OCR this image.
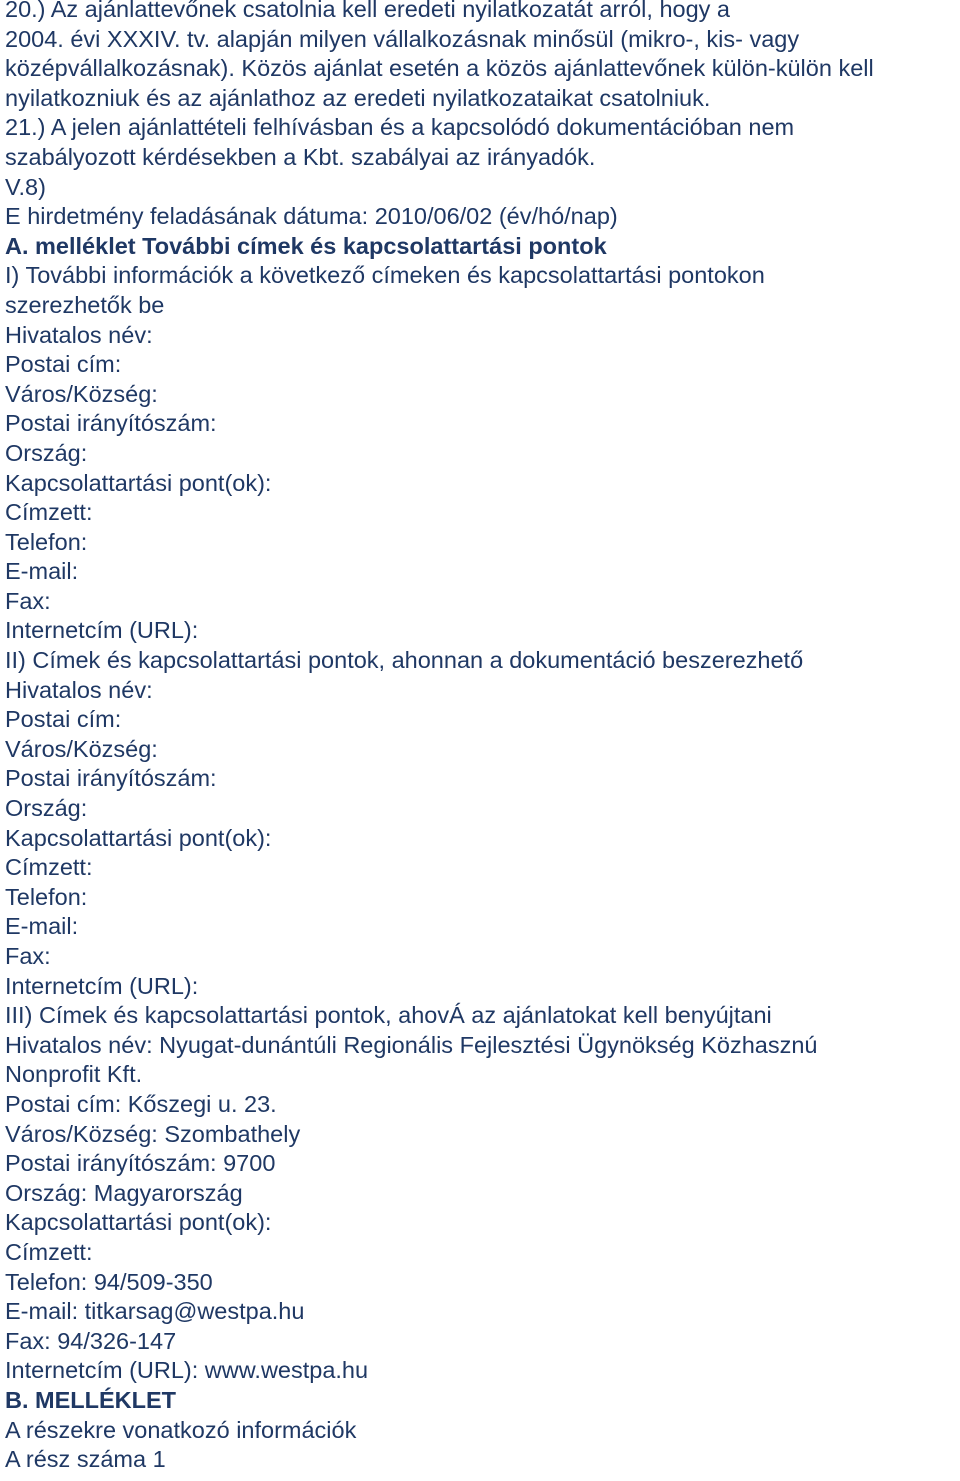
20.) Az ajánlattevőnek csatolnia kell eredeti nyilatkozatát arról, hogy a
2004. évi XXXIV. tv. alapján milyen vállalkozásnak minősül (mikro-, kis- vagy
középvállalkozásnak). Közös ajánlat esetén a közös ajánlattevőnek külön-külön kell
nyilatkozniuk és az ajánlathoz az eredeti nyilatkozataikat csatolniuk.
21.) A jelen ajánlattételi felhívásban és a kapcsolódó dokumentációban nem
szabályozott kérdésekben a Kbt. szabályai az irányadók.
V.8)
E hirdetmény feladásának dátuma: 2010/06/02 (év/hó/nap)
A. melléklet További címek és kapcsolattartási pontok
I) További információk a következő címeken és kapcsolattartási pontokon
szerezhetők be
Hivatalos név:
Postai cím:
Város/Község:
Postai irányítószám:
Ország:
Kapcsolattartási pont(ok):
Címzett:
Telefon:
E-mail:
Fax:
Internetcím (URL):
II) Címek és kapcsolattartási pontok, ahonnan a dokumentáció beszerezhető
Hivatalos név:
Postai cím:
Város/Község:
Postai irányítószám:
Ország:
Kapcsolattartási pont(ok):
Címzett:
Telefon:
E-mail:
Fax:
Internetcím (URL):
III) Címek és kapcsolattartási pontok, ahovÁ az ajánlatokat kell benyújtani
Hivatalos név: Nyugat-dunántúli Regionális Fejlesztési Ügynökség Közhasznú
Nonprofit Kft.
Postai cím: Kőszegi u. 23.
Város/Község: Szombathely
Postai irányítószám: 9700
Ország: Magyarország
Kapcsolattartási pont(ok):
Címzett:
Telefon: 94/509-350
E-mail: titkarsag@westpa.hu
Fax: 94/326-147
Internetcím (URL): www.westpa.hu
B. MELLÉKLET
A részekre vonatkozó információk
A rész száma 1
